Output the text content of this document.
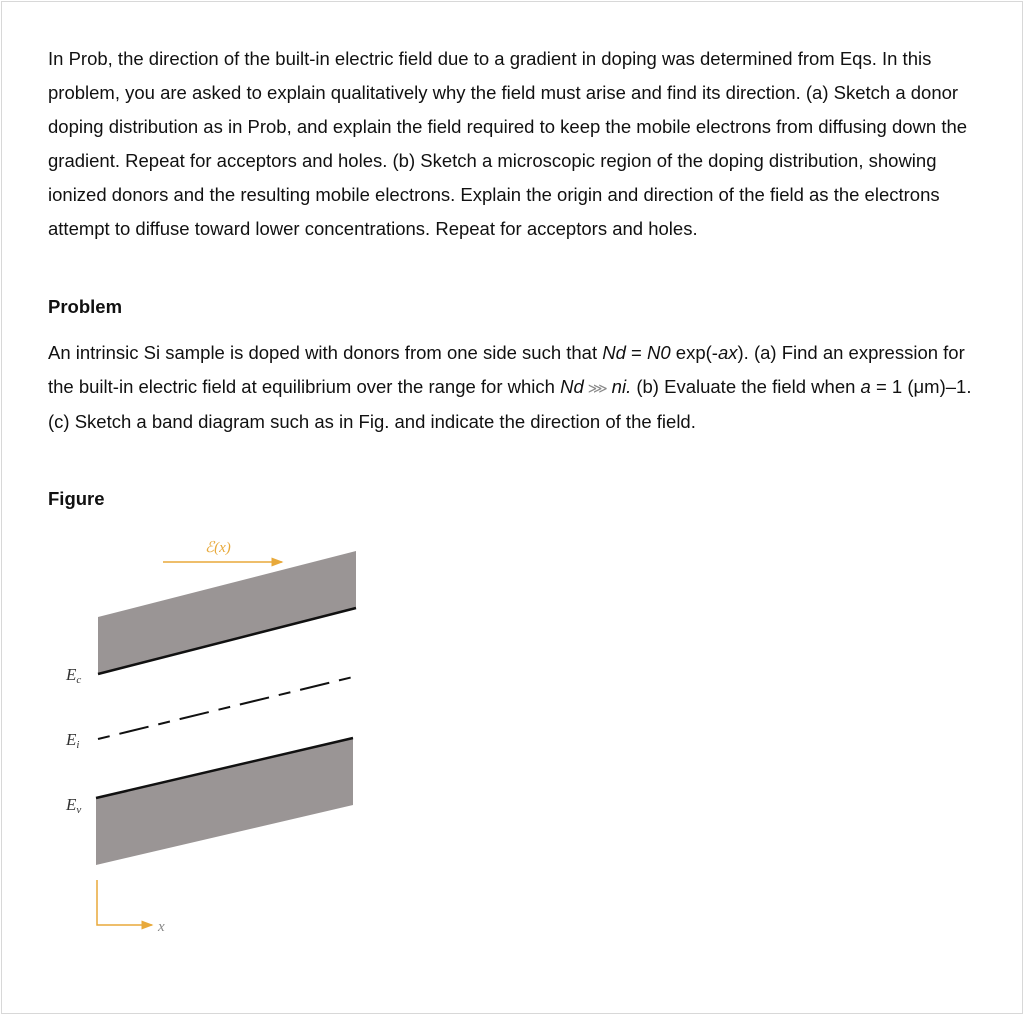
In Prob, the direction of the built-in electric field due to a gradient in doping was determined from Eqs. In this problem, you are asked to explain qualitatively why the field must arise and find its direction. (a) Sketch a donor doping distribution as in Prob, and explain the field required to keep the mobile electrons from diffusing down the gradient. Repeat for acceptors and holes. (b) Sketch a microscopic region of the doping distribution, showing ionized donors and the resulting mobile electrons. Explain the origin and direction of the field as the electrons attempt to diffuse toward lower concentrations. Repeat for acceptors and holes.

Problem

An intrinsic Si sample is doped with donors from one side such that Nd = N0 exp(-ax). (a) Find an expression for the built-in electric field at equilibrium over the range for which Nd ⋙ ni. (b) Evaluate the field when a = 1 (μm)–1. (c) Sketch a band diagram such as in Fig. and indicate the direction of the field.

Figure

ℰ(x)
Ec
Ei
Ev
x
